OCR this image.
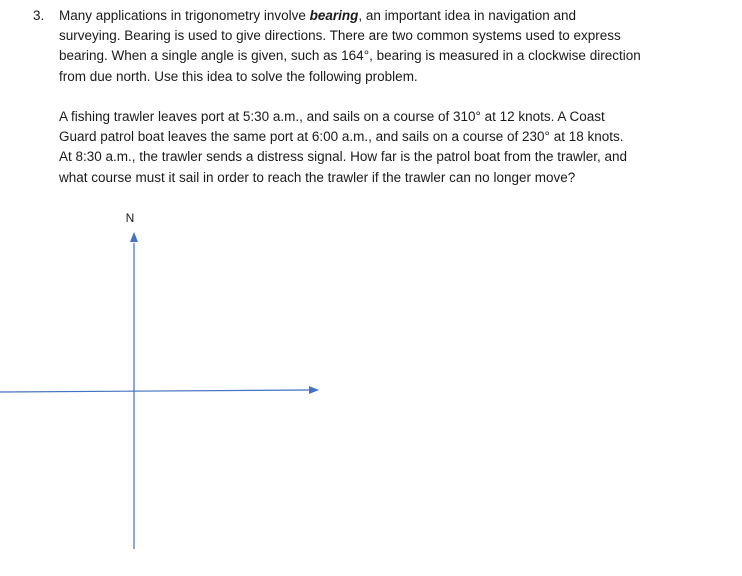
3. Many applications in trigonometry involve bearing, an important idea in navigation and
surveying. Bearing is used to give directions. There are two common systems used to express
bearing. When a single angle is given, such as 164°, bearing is measured in a clockwise direction
from due north. Use this idea to solve the following problem.

A fishing trawler leaves port at 5:30 a.m., and sails on a course of 310° at 12 knots. A Coast
Guard patrol boat leaves the same port at 6:00 a.m., and sails on a course of 230° at 18 knots.
At 8:30 a.m., the trawler sends a distress signal. How far is the patrol boat from the trawler, and
what course must it sail in order to reach the trawler if the trawler can no longer move?

N
